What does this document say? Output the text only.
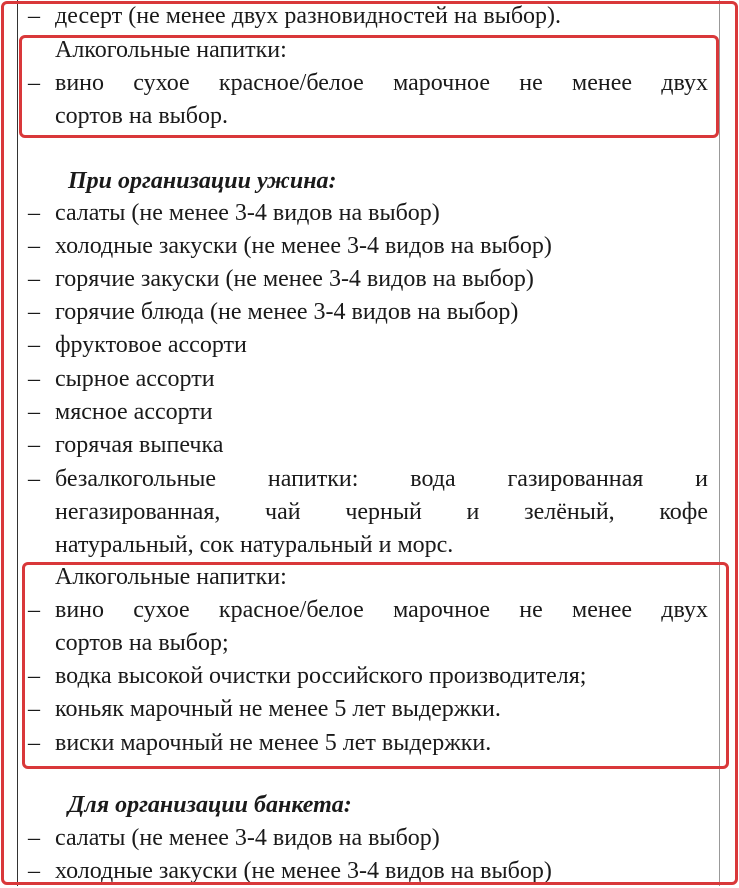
– десерт (не менее двух разновидностей на выбор).
Алкогольные напитки:
– вино сухое красное/белое марочное не менее двух
сортов на выбор.
При организации ужина:
– салаты (не менее 3-4 видов на выбор)
– холодные закуски (не менее 3-4 видов на выбор)
– горячие закуски (не менее 3-4 видов на выбор)
– горячие блюда (не менее 3-4 видов на выбор)
– фруктовое ассорти
– сырное ассорти
– мясное ассорти
– горячая выпечка
– безалкогольные напитки: вода газированная и
негазированная, чай черный и зелёный, кофе
натуральный, сок натуральный и морс.
Алкогольные напитки:
– вино сухое красное/белое марочное не менее двух
сортов на выбор;
– водка высокой очистки российского производителя;
– коньяк марочный не менее 5 лет выдержки.
– виски марочный не менее 5 лет выдержки.
Для организации банкета:
– салаты (не менее 3-4 видов на выбор)
– холодные закуски (не менее 3-4 видов на выбор)
